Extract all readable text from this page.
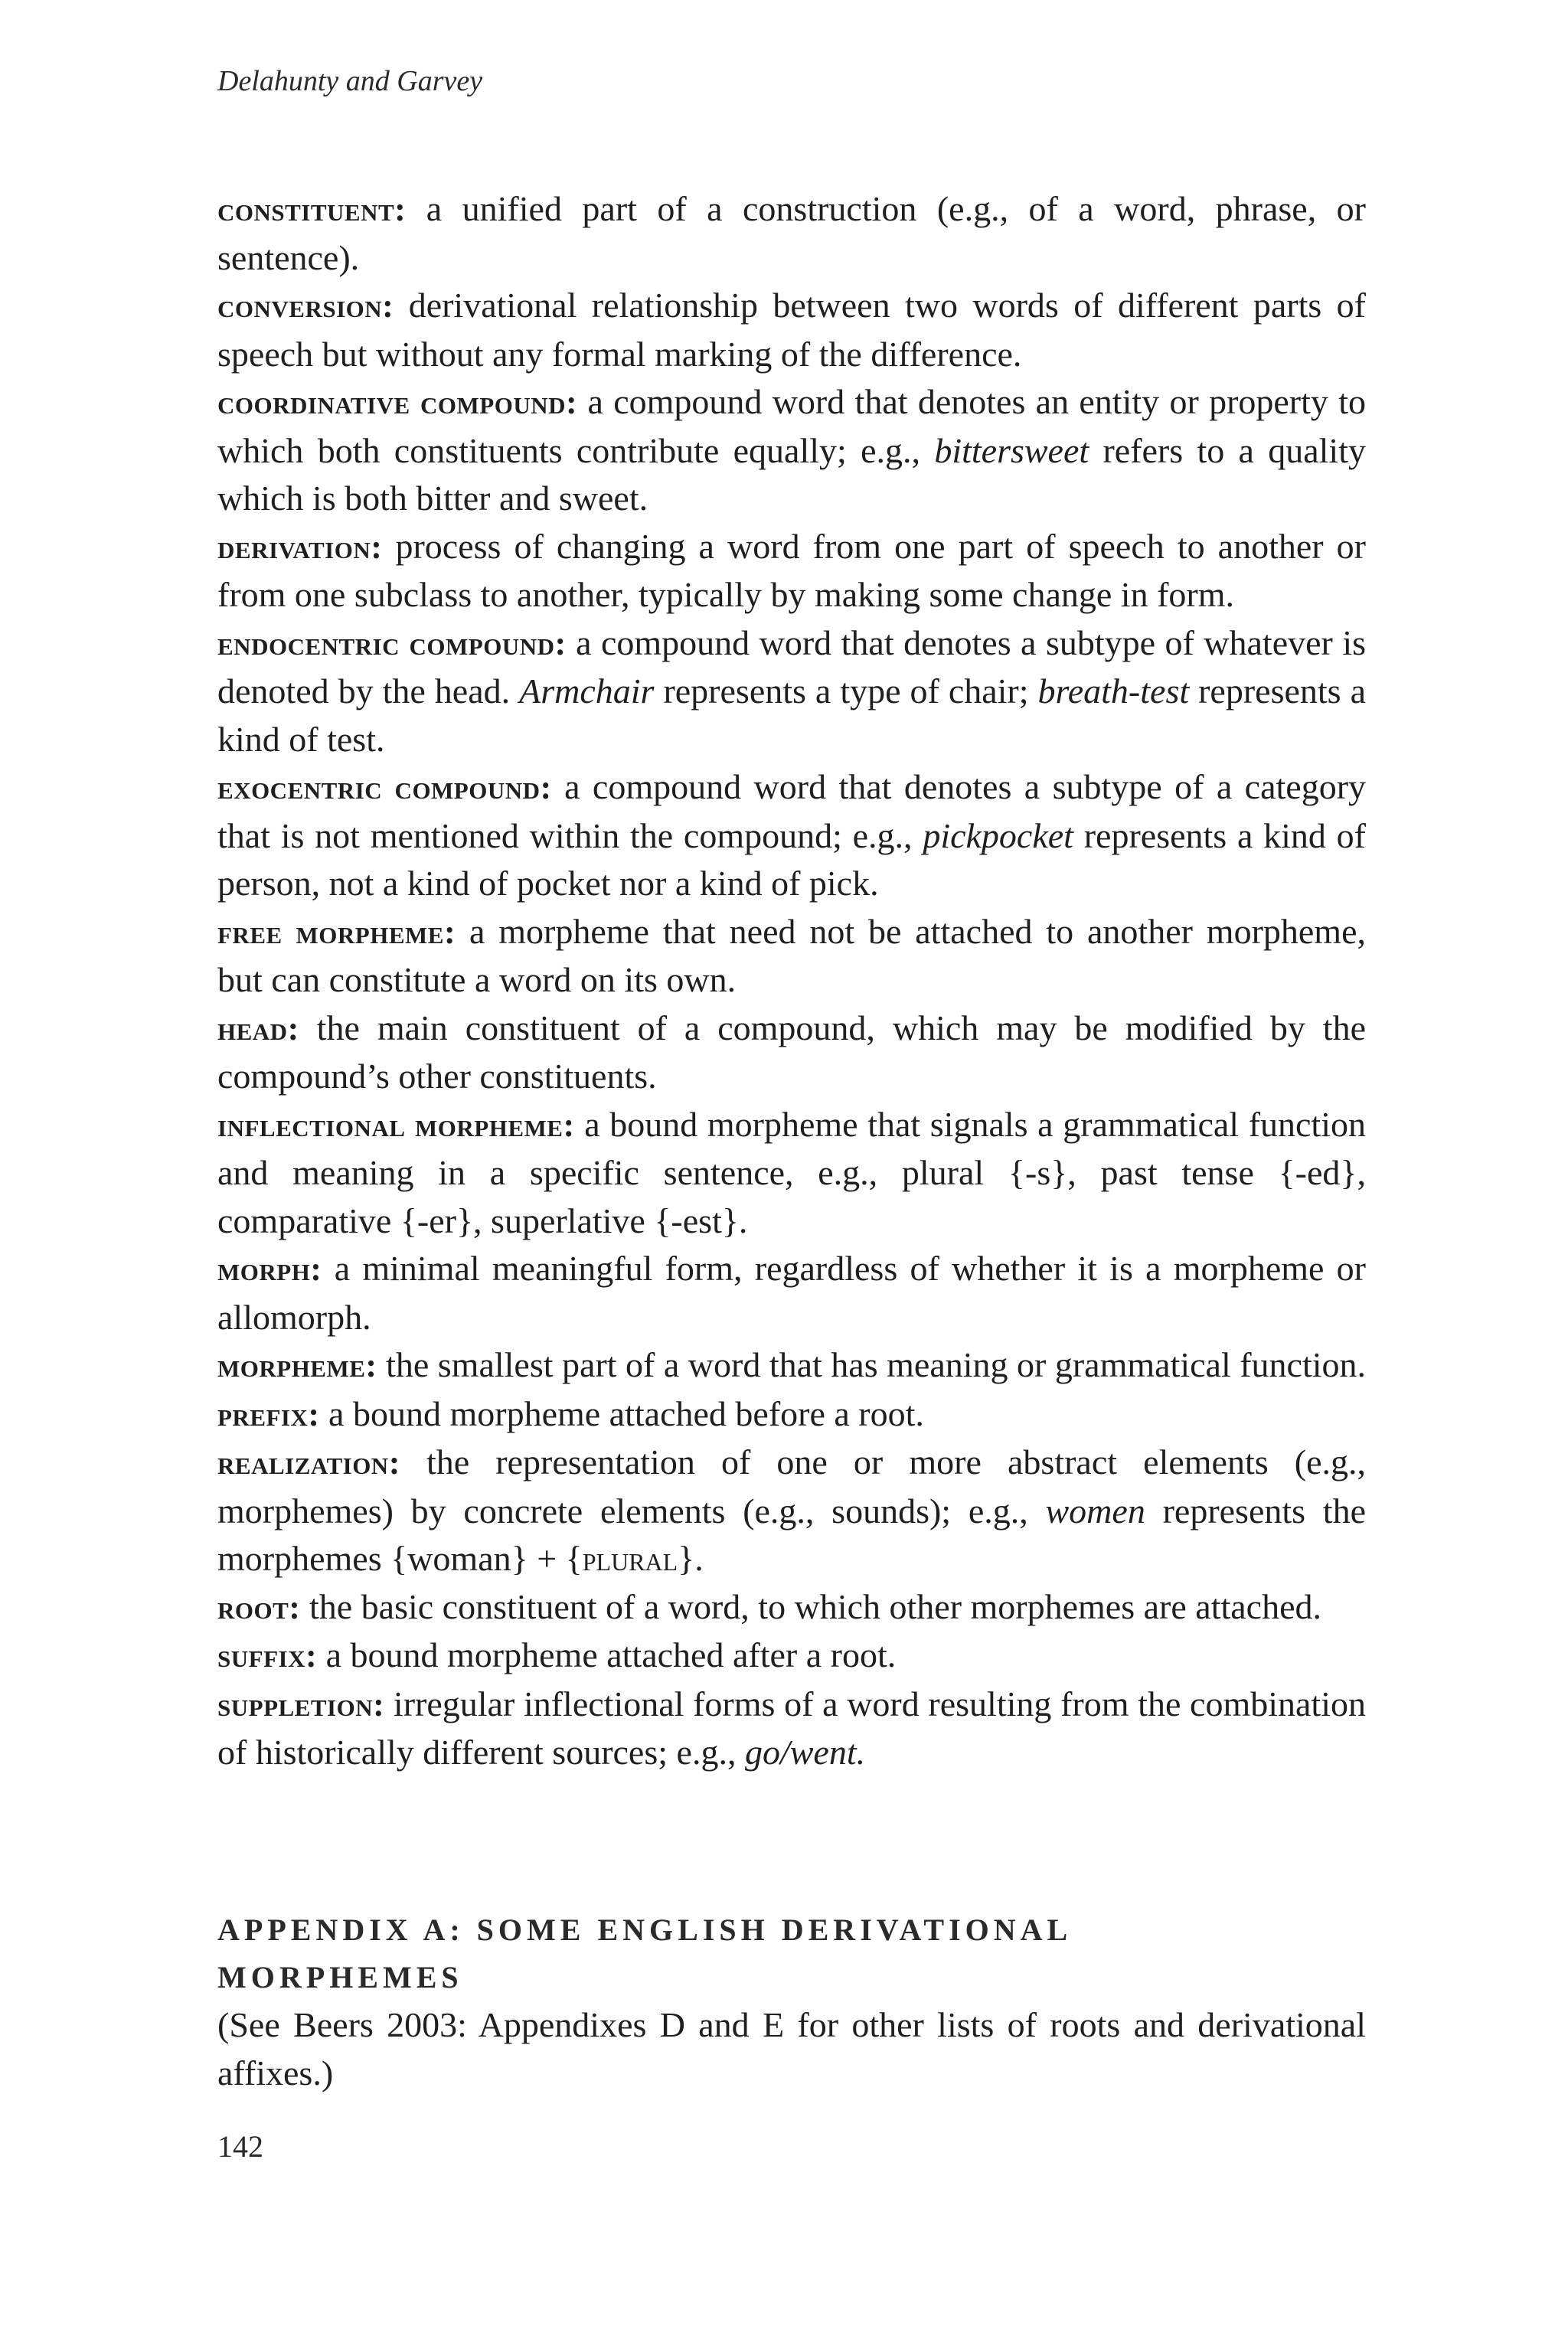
Delahunty and Garvey

constituent: a unified part of a construction (e.g., of a word, phrase, or sentence).

conversion: derivational relationship between two words of different parts of speech but without any formal marking of the difference.

coordinative compound: a compound word that denotes an entity or property to which both constituents contribute equally; e.g., bittersweet refers to a quality which is both bitter and sweet.

derivation: process of changing a word from one part of speech to another or from one subclass to another, typically by making some change in form.

endocentric compound: a compound word that denotes a subtype of whatever is denoted by the head. Armchair represents a type of chair; breath-test represents a kind of test.

exocentric compound: a compound word that denotes a subtype of a category that is not mentioned within the compound; e.g., pickpocket represents a kind of person, not a kind of pocket nor a kind of pick.

free morpheme: a morpheme that need not be attached to another morpheme, but can constitute a word on its own.

head: the main constituent of a compound, which may be modified by the compound’s other constituents.

inflectional morpheme: a bound morpheme that signals a grammatical function and meaning in a specific sentence, e.g., plural {-s}, past tense {-ed}, comparative {-er}, superlative {-est}.

morph: a minimal meaningful form, regardless of whether it is a morpheme or allomorph.

morpheme: the smallest part of a word that has meaning or grammatical function.

prefix: a bound morpheme attached before a root.

realization: the representation of one or more abstract elements (e.g., morphemes) by concrete elements (e.g., sounds); e.g., women represents the morphemes {woman} + {plural}.

root: the basic constituent of a word, to which other morphemes are attached.

suffix: a bound morpheme attached after a root.

suppletion: irregular inflectional forms of a word resulting from the combination of historically different sources; e.g., go/went.

APPENDIX A: SOME ENGLISH DERIVATIONAL
MORPHEMES

(See Beers 2003: Appendixes D and E for other lists of roots and derivational affixes.)

142
